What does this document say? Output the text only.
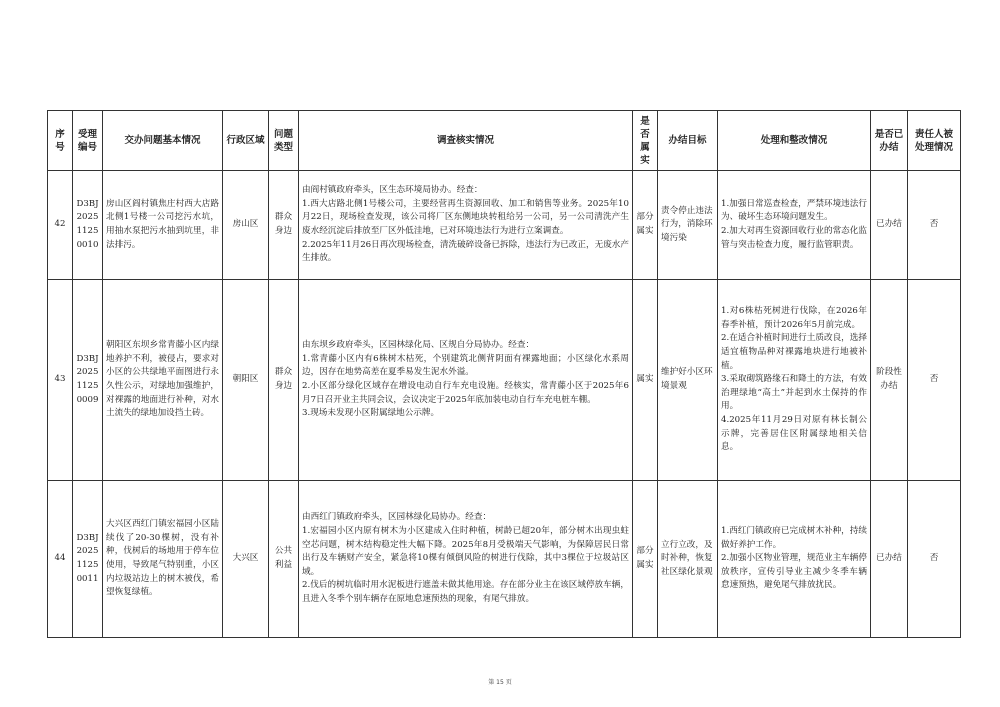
序号	受理编号	交办问题基本情况	行政区域	问题类型	调查核实情况	是否属实	办结目标	处理和整改情况	是否已办结	责任人被处理情况
42	D3BJ202511250010	房山区阎村镇焦庄村西大店路北侧1号楼一公司挖污水坑，用抽水泵把污水抽到坑里，非法排污。	房山区	群众身边	由阎村镇政府牵头，区生态环境局协办。经查：
1.西大店路北侧1号楼公司，主要经营再生资源回收、加工和销售等业务。2025年10月22日，现场检查发现，该公司将厂区东侧地块转租给另一公司，另一公司清洗产生废水经沉淀后排放至厂区外低洼地，已对环境违法行为进行立案调查。
2.2025年11月26日再次现场检查，清洗破碎设备已拆除，违法行为已改正，无废水产生排放。	部分属实	责令停止违法行为，消除环境污染	1.加强日常巡查检查，严禁环境违法行为、破坏生态环境问题发生。
2.加大对再生资源回收行业的常态化监管与突击检查力度，履行监管职责。	已办结	否
43	D3BJ202511250009	朝阳区东坝乡常青藤小区内绿地养护不利，被侵占，要求对小区的公共绿地平面图进行永久性公示，对绿地加强维护，对裸露的地面进行补种，对水土流失的绿地加设挡土砖。	朝阳区	群众身边	由东坝乡政府牵头，区园林绿化局、区规自分局协办。经查：
1.常青藤小区内有6株树木枯死，个别建筑北侧背阴面有裸露地面；小区绿化水系周边，因存在地势高差在夏季易发生泥水外溢。
2.小区部分绿化区域存在增设电动自行车充电设施。经核实，常青藤小区于2025年6月7日召开业主共同会议，会议决定于2025年底加装电动自行车充电桩车棚。
3.现场未发现小区附属绿地公示牌。	属实	维护好小区环境景观	1.对6株枯死树进行伐除，在2026年春季补植，预计2026年5月前完成。
2.在适合补植时间进行土质改良，选择适宜植物品种对裸露地块进行地被补植。
3.采取砌筑路缘石和降土的方法，有效治理绿地“高土”并起到水土保持的作用。
4.2025年11月29日对原有林长制公示牌，完善居住区附属绿地相关信息。	阶段性办结	否
44	D3BJ202511250011	大兴区西红门镇宏福园小区陆续伐了20-30棵树，没有补种，伐树后的场地用于停车位使用，导致尾气特别重，小区内垃圾站边上的树木被伐，希望恢复绿植。	大兴区	公共利益	由西红门镇政府牵头，区园林绿化局协办。经查：
1.宏福园小区内原有树木为小区建成入住时种植，树龄已超20年，部分树木出现虫蛀空芯问题，树木结构稳定性大幅下降。2025年8月受极端天气影响，为保障居民日常出行及车辆财产安全，紧急将10棵有倾倒风险的树进行伐除，其中3棵位于垃圾站区域。
2.伐后的树坑临时用水泥板进行遮盖未做其他用途。存在部分业主在该区域停放车辆，且进入冬季个别车辆存在原地怠速预热的现象，有尾气排放。	部分属实	立行立改，及时补种，恢复社区绿化景观	1.西红门镇政府已完成树木补种，持续做好养护工作。
2.加强小区物业管理，规范业主车辆停放秩序，宣传引导业主减少冬季车辆怠速预热，避免尾气排放扰民。	已办结	否
第 15 页
